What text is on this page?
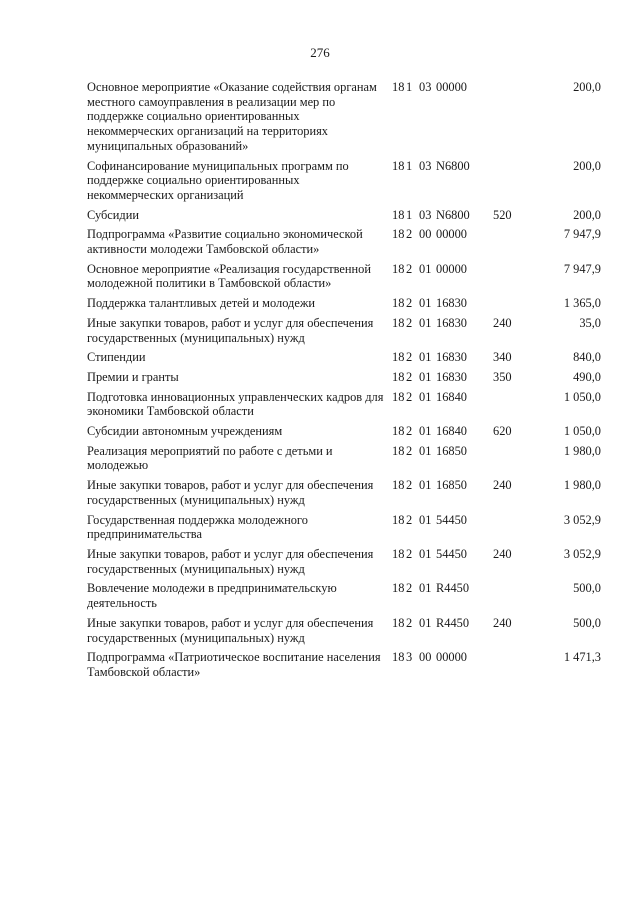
276
Основное мероприятие «Оказание содействия органам местного самоуправления в реализации мер по поддержке социально ориентированных некоммерческих организаций на территориях муниципальных образований»	18	1	03	00000		200,0
Софинансирование муниципальных программ по поддержке социально ориентированных некоммерческих организаций	18	1	03	N6800		200,0
Субсидии	18	1	03	N6800	520	200,0
Подпрограмма «Развитие социально экономической активности молодежи Тамбовской области»	18	2	00	00000		7 947,9
Основное мероприятие «Реализация государственной молодежной политики в Тамбовской области»	18	2	01	00000		7 947,9
Поддержка талантливых детей и молодежи	18	2	01	16830		1 365,0
Иные закупки товаров, работ и услуг для обеспечения государственных (муниципальных) нужд	18	2	01	16830	240	35,0
Стипендии	18	2	01	16830	340	840,0
Премии и гранты	18	2	01	16830	350	490,0
Подготовка инновационных управленческих кадров для экономики Тамбовской области	18	2	01	16840		1 050,0
Субсидии автономным учреждениям	18	2	01	16840	620	1 050,0
Реализация мероприятий по работе с детьми и молодежью	18	2	01	16850		1 980,0
Иные закупки товаров, работ и услуг для обеспечения государственных (муниципальных) нужд	18	2	01	16850	240	1 980,0
Государственная поддержка молодежного предпринимательства	18	2	01	54450		3 052,9
Иные закупки товаров, работ и услуг для обеспечения государственных (муниципальных) нужд	18	2	01	54450	240	3 052,9
Вовлечение молодежи в предпринимательскую деятельность	18	2	01	R4450		500,0
Иные закупки товаров, работ и услуг для обеспечения государственных (муниципальных) нужд	18	2	01	R4450	240	500,0
Подпрограмма «Патриотическое воспитание населения Тамбовской области»	18	3	00	00000		1 471,3
